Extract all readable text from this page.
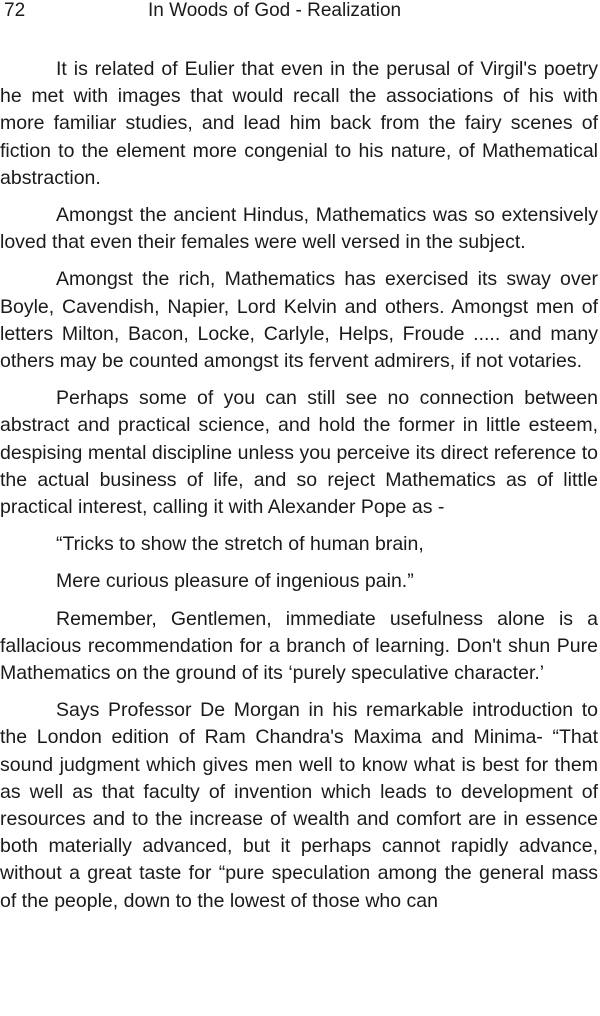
72	In Woods of God - Realization

It is related of Eulier that even in the perusal of Virgil's poetry he met with images that would recall the associations of his with more familiar studies, and lead him back from the fairy scenes of fiction to the element more congenial to his nature, of Mathematical abstraction.

Amongst the ancient Hindus, Mathematics was so extensively loved that even their females were well versed in the subject.

Amongst the rich, Mathematics has exercised its sway over Boyle, Cavendish, Napier, Lord Kelvin and others. Amongst men of letters Milton, Bacon, Locke, Carlyle, Helps, Froude ..... and many others may be counted amongst its fervent admirers, if not votaries.

Perhaps some of you can still see no connection between abstract and practical science, and hold the former in little esteem, despising mental discipline unless you perceive its direct reference to the actual business of life, and so reject Mathematics as of little practical interest, calling it with Alexander Pope as -

“Tricks to show the stretch of human brain,

Mere curious pleasure of ingenious pain.”

Remember, Gentlemen, immediate usefulness alone is a fallacious recommendation for a branch of learning. Don't shun Pure Mathematics on the ground of its ‘purely speculative character.’

Says Professor De Morgan in his remarkable introduction to the London edition of Ram Chandra's Maxima and Minima- “That sound judgment which gives men well to know what is best for them as well as that faculty of invention which leads to development of resources and to the increase of wealth and comfort are in essence both materially advanced, but it perhaps cannot rapidly advance, without a great taste for “pure speculation among the general mass of the people, down to the lowest of those who can
